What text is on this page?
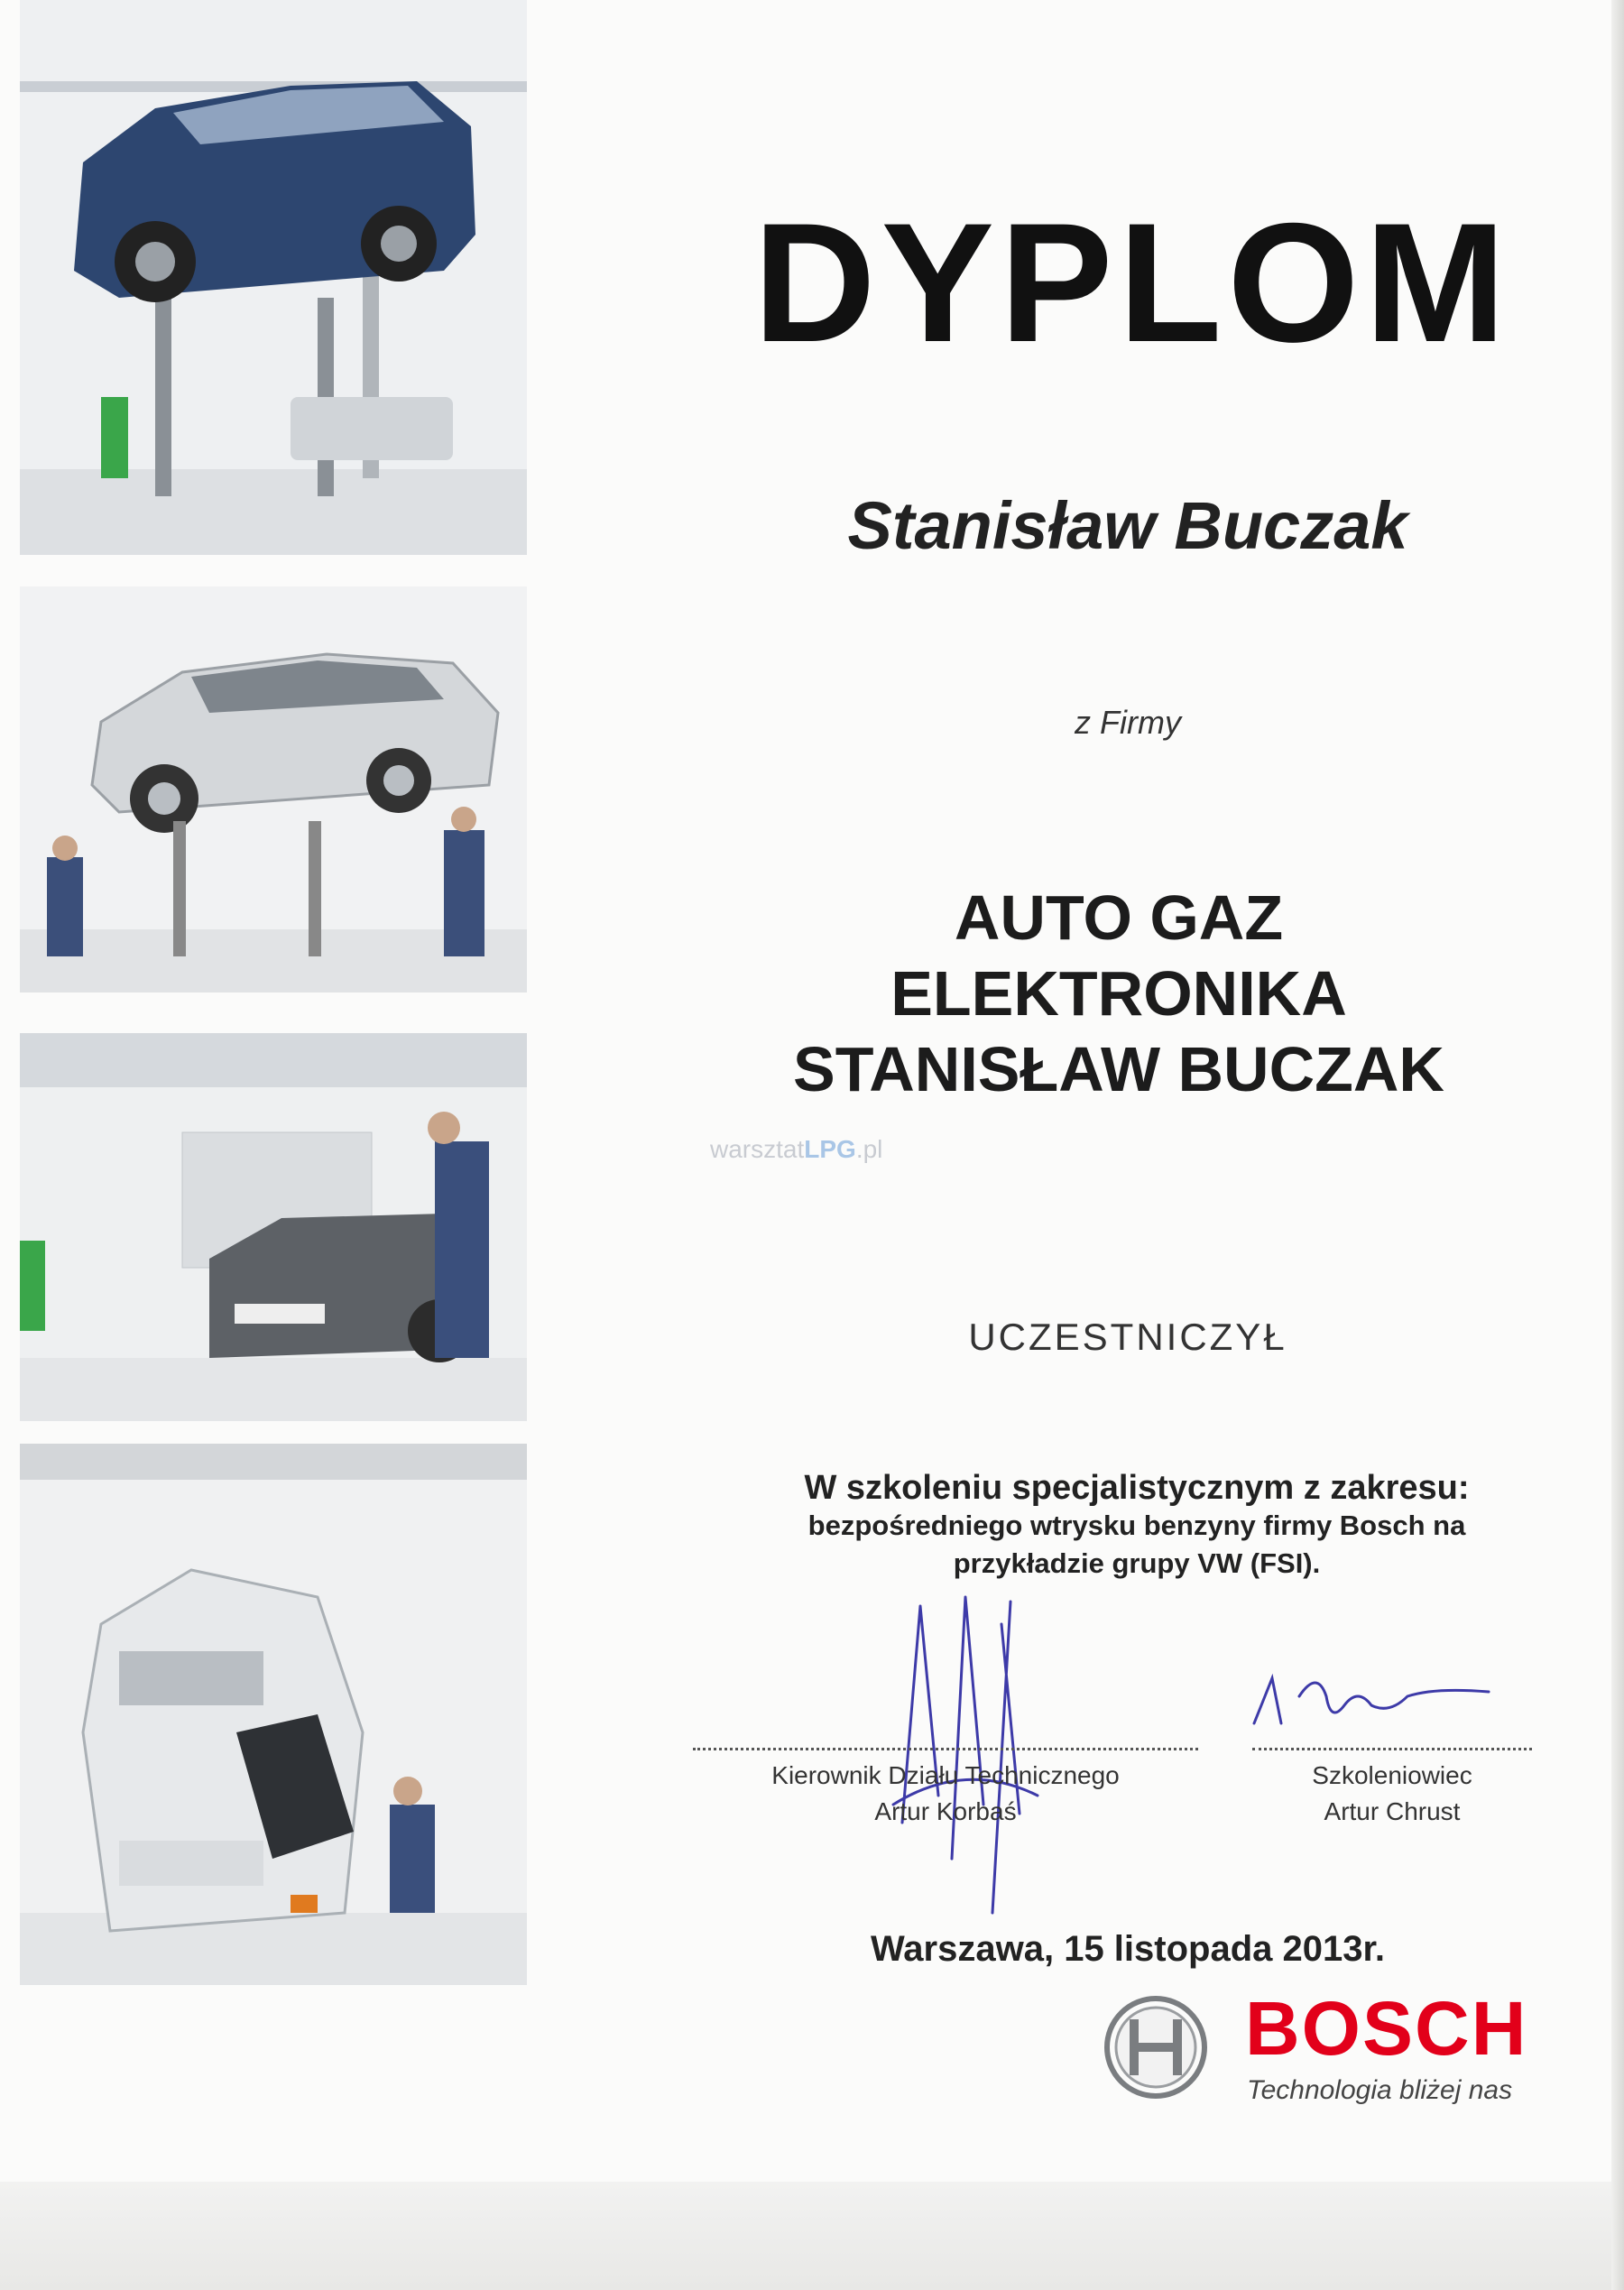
DYPLOM
Stanisław Buczak
z Firmy
AUTO GAZ
ELEKTRONIKA
STANISŁAW BUCZAK
warsztatLPG.pl
UCZESTNICZYŁ
W szkoleniu specjalistycznym z zakresu:
bezpośredniego wtrysku benzyny firmy Bosch na
przykładzie grupy VW (FSI).
Kierownik Działu Technicznego
Artur Korbaś
Szkoleniowiec
Artur Chrust
Warszawa, 15 listopada 2013r.
BOSCH
Technologia bliżej nas
